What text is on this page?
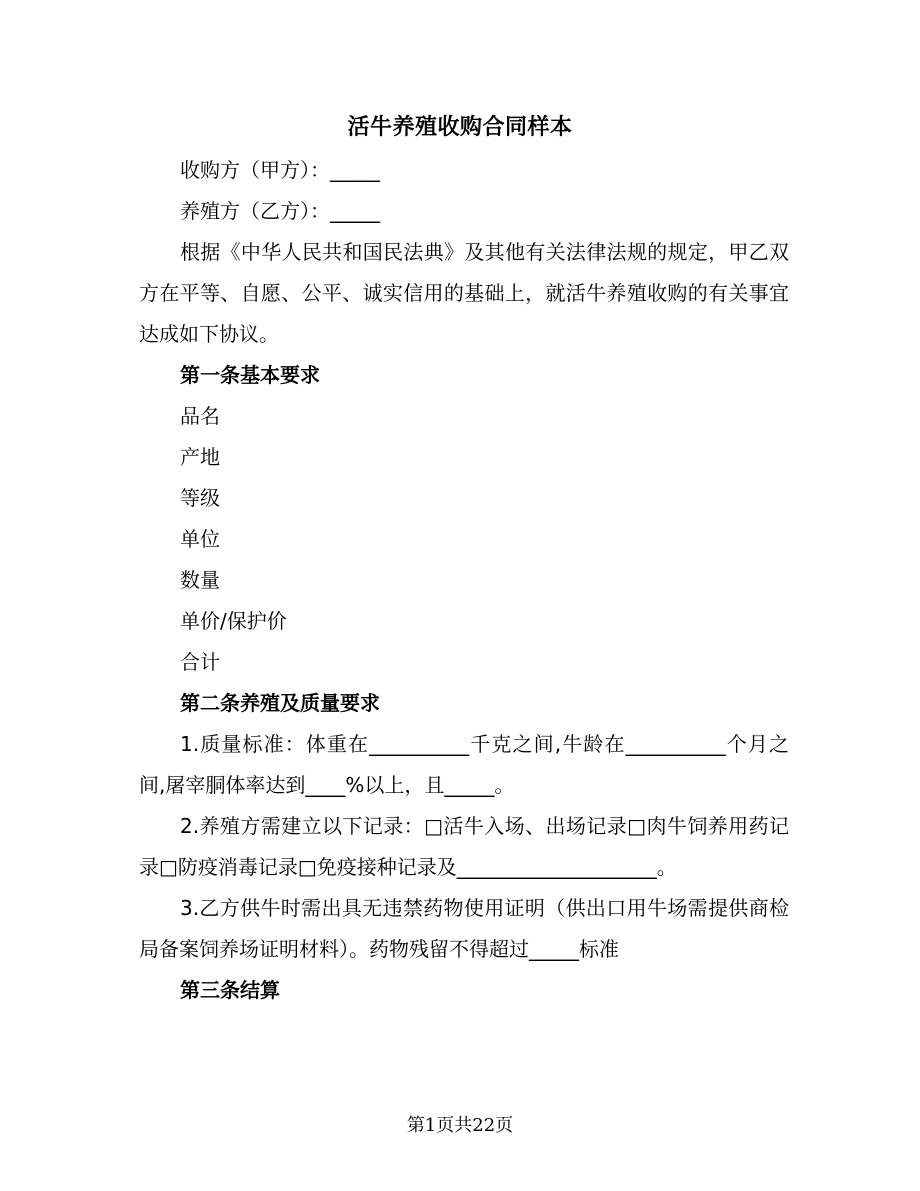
活牛养殖收购合同样本
收购方（甲方）：_____
养殖方（乙方）：_____
根据《中华人民共和国民法典》及其他有关法律法规的规定，甲乙双方在平等、自愿、公平、诚实信用的基础上，就活牛养殖收购的有关事宜达成如下协议。
第一条基本要求
品名
产地
等级
单位
数量
单价/保护价
合计
第二条养殖及质量要求
1.质量标准：体重在__________千克之间,牛龄在__________个月之间,屠宰胴体率达到____%以上，且_____。
2.养殖方需建立以下记录：□活牛入场、出场记录□肉牛饲养用药记录□防疫消毒记录□免疫接种记录及____________________。
3.乙方供牛时需出具无违禁药物使用证明（供出口用牛场需提供商检局备案饲养场证明材料）。药物残留不得超过_____标准
第三条结算
第1页共22页
